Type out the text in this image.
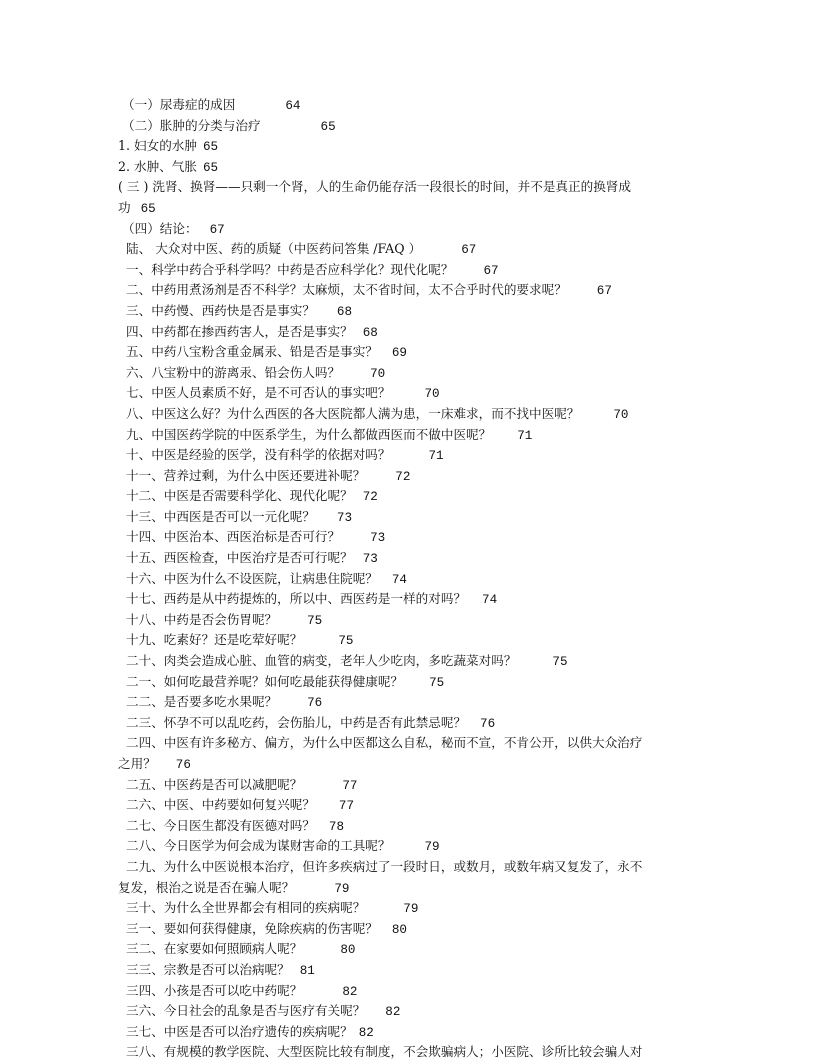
（一）尿毒症的成因	64
（二）胀肿的分类与治疗	65
1. 妇女的水肿 65
2. 水肿、气胀 65
( 三 ) 洗肾、换肾——只剩一个肾，人的生命仍能存活一段很长的时间，并不是真正的换肾成
功 65
（四）结论： 67
陆、 大众对中医、药的质疑（中医药问答集 /FAQ ）	67
一、科学中药合乎科学吗？中药是否应科学化？现代化呢？ 67
二、中药用煮汤剂是否不科学？太麻烦，太不省时间，太不合乎时代的要求呢？ 67
三、中药慢、西药快是否是事实？ 68
四、中药都在掺西药害人，是否是事实？ 68
五、中药八宝粉含重金属汞、铅是否是事实？ 69
六、八宝粉中的游离汞、铅会伤人吗？ 70
七、中医人员素质不好，是不可否认的事实吧？	70
八、中医这么好？为什么西医的各大医院都人满为患，一床难求，而不找中医呢？	70
九、中国医药学院的中医系学生，为什么都做西医而不做中医呢？ 71
十、中医是经验的医学，没有科学的依据对吗？	71
十一、营养过剩，为什么中医还要进补呢？ 72
十二、中医是否需要科学化、现代化呢？ 72
十三、中西医是否可以一元化呢？ 73
十四、中医治本、西医治标是否可行？ 73
十五、西医检查，中医治疗是否可行呢？ 73
十六、中医为什么不设医院，让病患住院呢？ 74
十七、西药是从中药提炼的，所以中、西医药是一样的对吗？ 74
十八、中药是否会伤胃呢？ 75
十九、吃素好？还是吃荤好呢？	75
二十、肉类会造成心脏、血管的病变，老年人少吃肉，多吃蔬菜对吗？	75
二一、如何吃最营养呢？如何吃最能获得健康呢？ 75
二二、是否要多吃水果呢？ 76
二三、怀孕不可以乱吃药，会伤胎儿，中药是否有此禁忌呢？ 76
二四、中医有许多秘方、偏方，为什么中医都这么自私，秘而不宣，不肯公开，以供大众治疗
之用？ 76
二五、中医药是否可以减肥呢？	77
二六、中医、中药要如何复兴呢？ 77
二七、今日医生都没有医德对吗？ 78
二八、今日医学为何会成为谋财害命的工具呢？	79
二九、为什么中医说根本治疗，但许多疾病过了一段时日，或数月，或数年病又复发了，永不
复发，根治之说是否在骗人呢？	79
三十、为什么全世界都会有相同的疾病呢？	79
三一、要如何获得健康，免除疾病的伤害呢？ 80
三二、在家要如何照顾病人呢？	80
三三、宗教是否可以治病呢？ 81
三四、小孩是否可以吃中药呢？	82
三六、今日社会的乱象是否与医疗有关呢？ 82
三七、中医是否可以治疗遗传的疾病呢？ 82
三八、有规模的教学医院、大型医院比较有制度，不会欺骗病人；小医院、诊所比较会骗人对
